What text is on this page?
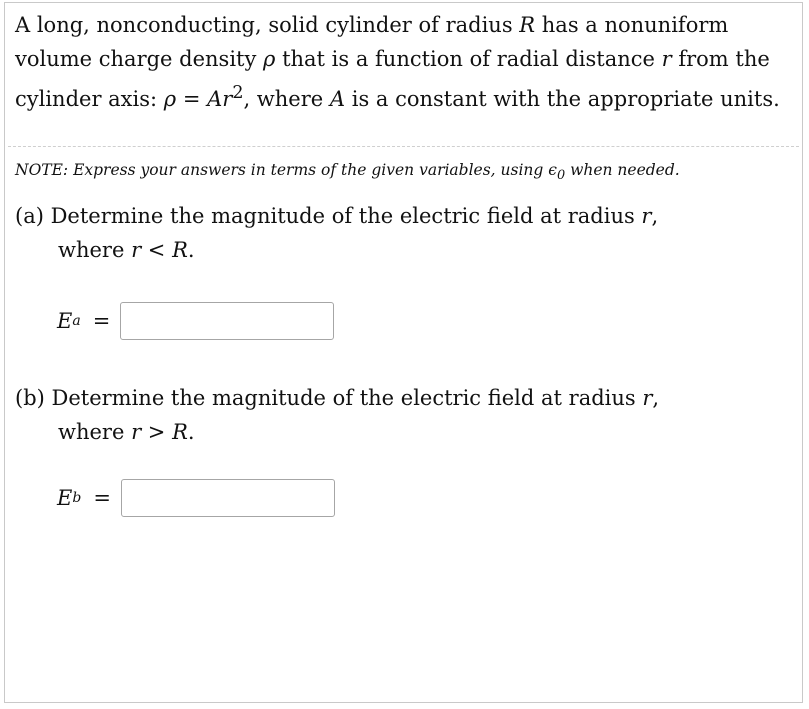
A long, nonconducting, solid cylinder of radius R has a nonuniform volume charge density ρ that is a function of radial distance r from the cylinder axis: $\rho = Ar^2$, where A is a constant with the appropriate units.

NOTE: Express your answers in terms of the given variables, using $\epsilon_0$ when needed.
(a) Determine the magnitude of the electric field at radius r,
where r < R.
E a =
(b) Determine the magnitude of the electric field at radius r,
where r > R.
E b =
